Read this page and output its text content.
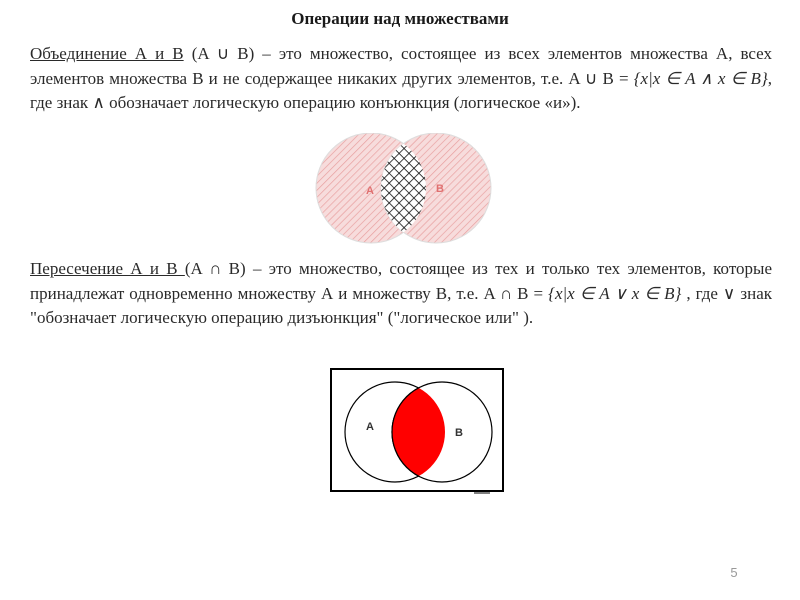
Операции над множествами
Объединение А и В (A ∪ B) – это множество, состоящее из всех элементов множества А, всех элементов множества В и не содержащее никаких других элементов, т.е. A ∪ B = {x|x ∈ A ∧ x ∈ B}, где знак ∧ обозначает логическую операцию конъюнкция (логическое «и»).
A	B
Пересечение А и В (A ∩ B) – это множество, состоящее из тех и только тех элементов, которые принадлежат одновременно множеству А и множеству В, т.е. A ∩ B = {x|x ∈ A ∨ x ∈ B} , где ∨ знак "обозначает логическую операцию дизъюнкция" ("логическое или" ).
A	B
5
